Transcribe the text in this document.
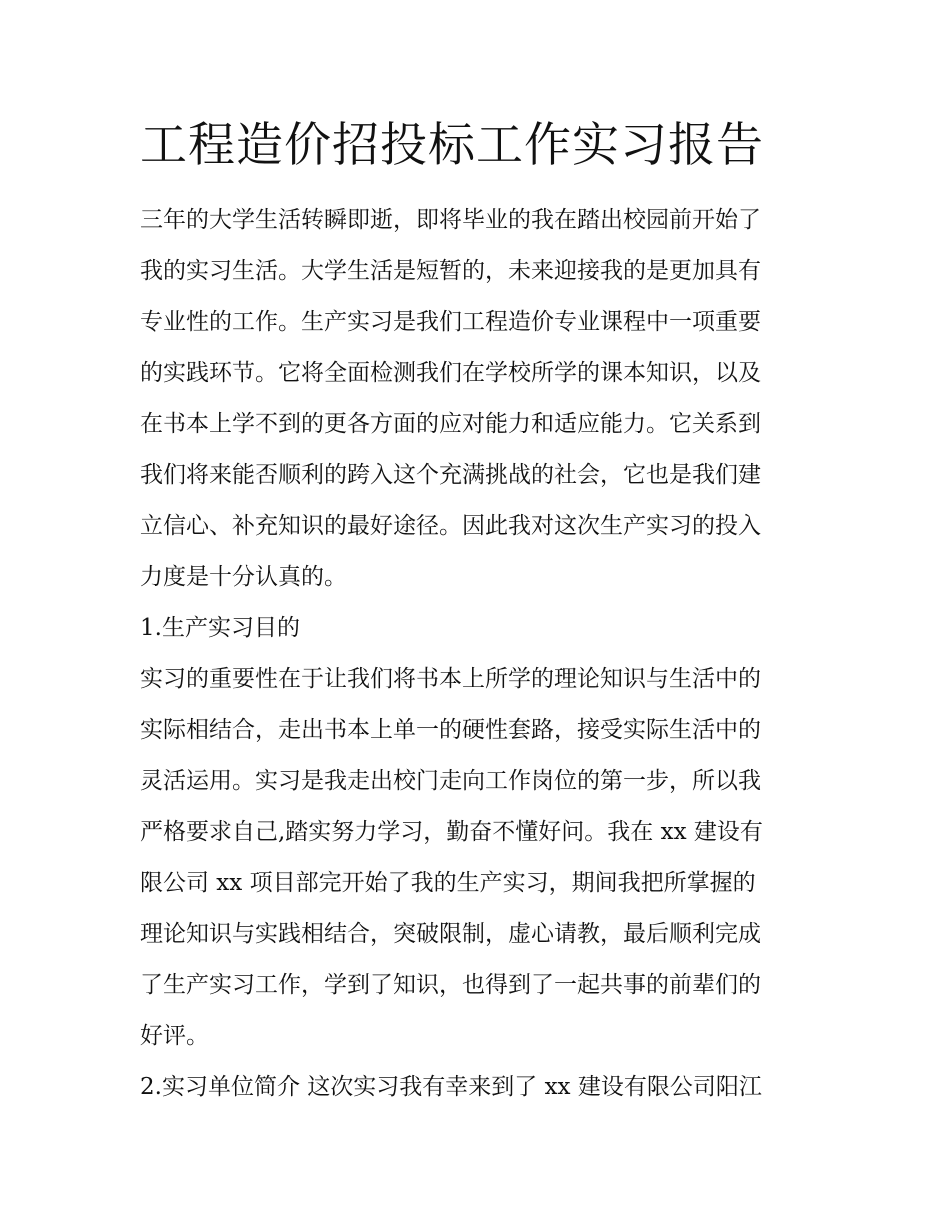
工程造价招投标工作实习报告

三年的大学生活转瞬即逝，即将毕业的我在踏出校园前开始了

我的实习生活。大学生活是短暂的，未来迎接我的是更加具有

专业性的工作。生产实习是我们工程造价专业课程中一项重要

的实践环节。它将全面检测我们在学校所学的课本知识，以及

在书本上学不到的更各方面的应对能力和适应能力。它关系到

我们将来能否顺利的跨入这个充满挑战的社会，它也是我们建

立信心、补充知识的最好途径。因此我对这次生产实习的投入

力度是十分认真的。

1.生产实习目的

实习的重要性在于让我们将书本上所学的理论知识与生活中的

实际相结合，走出书本上单一的硬性套路，接受实际生活中的

灵活运用。实习是我走出校门走向工作岗位的第一步，所以我

严格要求自己,踏实努力学习，勤奋不懂好问。我在 xx 建设有

限公司 xx 项目部完开始了我的生产实习，期间我把所掌握的

理论知识与实践相结合，突破限制，虚心请教，最后顺利完成

了生产实习工作，学到了知识，也得到了一起共事的前辈们的

好评。

2.实习单位简介 这次实习我有幸来到了 xx 建设有限公司阳江
